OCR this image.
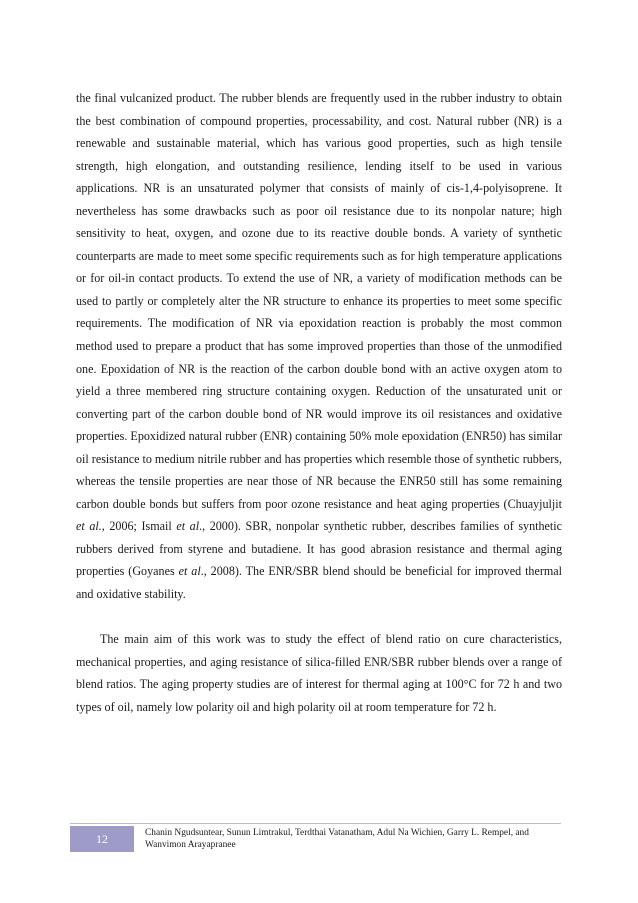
the final vulcanized product. The rubber blends are frequently used in the rubber industry to obtain the best combination of compound properties, processability, and cost. Natural rubber (NR) is a renewable and sustainable material, which has various good properties, such as high tensile strength, high elongation, and outstanding resilience, lending itself to be used in various applications. NR is an unsaturated polymer that consists of mainly of cis-1,4-polyisoprene. It nevertheless has some drawbacks such as poor oil resistance due to its nonpolar nature; high sensitivity to heat, oxygen, and ozone due to its reactive double bonds. A variety of synthetic counterparts are made to meet some specific requirements such as for high temperature applications or for oil-in contact products. To extend the use of NR, a variety of modification methods can be used to partly or completely alter the NR structure to enhance its properties to meet some specific requirements. The modification of NR via epoxidation reaction is probably the most common method used to prepare a product that has some improved properties than those of the unmodified one. Epoxidation of NR is the reaction of the carbon double bond with an active oxygen atom to yield a three membered ring structure containing oxygen. Reduction of the unsaturated unit or converting part of the carbon double bond of NR would improve its oil resistances and oxidative properties. Epoxidized natural rubber (ENR) containing 50% mole epoxidation (ENR50) has similar oil resistance to medium nitrile rubber and has properties which resemble those of synthetic rubbers, whereas the tensile properties are near those of NR because the ENR50 still has some remaining carbon double bonds but suffers from poor ozone resistance and heat aging properties (Chuayjuljit et al., 2006; Ismail et al., 2000). SBR, nonpolar synthetic rubber, describes families of synthetic rubbers derived from styrene and butadiene. It has good abrasion resistance and thermal aging properties (Goyanes et al., 2008). The ENR/SBR blend should be beneficial for improved thermal and oxidative stability.

The main aim of this work was to study the effect of blend ratio on cure characteristics, mechanical properties, and aging resistance of silica-filled ENR/SBR rubber blends over a range of blend ratios. The aging property studies are of interest for thermal aging at 100°C for 72 h and two types of oil, namely low polarity oil and high polarity oil at room temperature for 72 h.

12	Chanin Ngudsuntear, Sunun Limtrakul, Terdthai Vatanatham, Adul Na Wichien, Garry L. Rempel, and Wanvimon Arayapranee
